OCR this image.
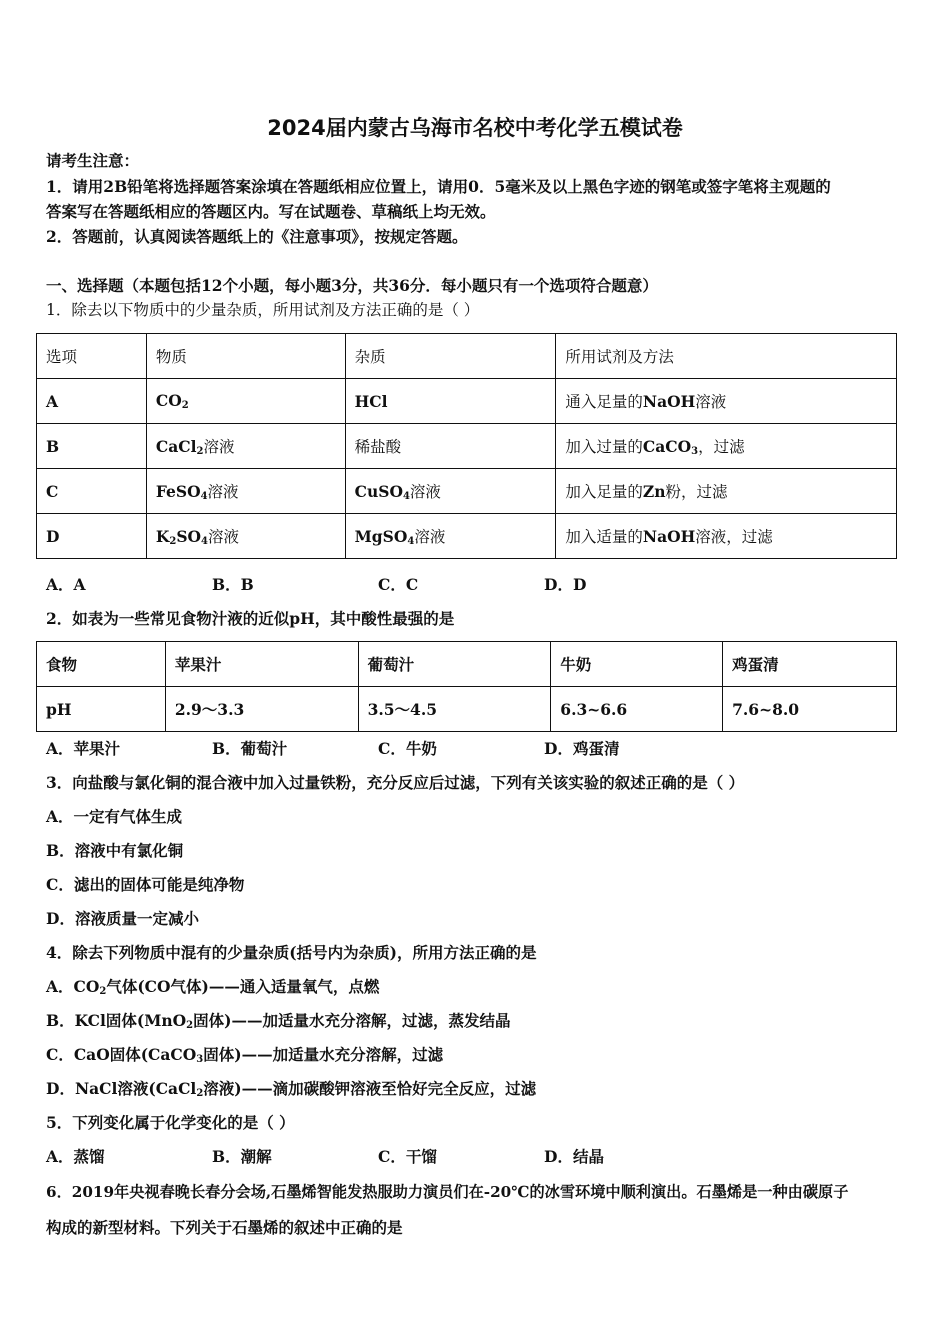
2024届内蒙古乌海市名校中考化学五模试卷
请考生注意：
1．请用2B铅笔将选择题答案涂填在答题纸相应位置上，请用0．5毫米及以上黑色字迹的钢笔或签字笔将主观题的
答案写在答题纸相应的答题区内。写在试题卷、草稿纸上均无效。
2．答题前，认真阅读答题纸上的《注意事项》，按规定答题。
一、选择题（本题包括12个小题，每小题3分，共36分．每小题只有一个选项符合题意）
1．除去以下物质中的少量杂质，所用试剂及方法正确的是（ ）
选项	物质	杂质	所用试剂及方法
A	$CO_2$	HCl	通入足量的NaOH溶液
B	CaCl$_2$溶液	稀盐酸	加入过量的CaCO$_3$，过滤
C	FeSO$_4$溶液	CuSO$_4$溶液	加入足量的Zn粉，过滤
D	$K_2SO_4$溶液	MgSO$_4$溶液	加入适量的NaOH溶液，过滤
A．A	B．B	C．C	D．D
2．如表为一些常见食物汁液的近似pH，其中酸性最强的是
食物	苹果汁	葡萄汁	牛奶	鸡蛋清
pH	2.9～3.3	3.5～4.5	6.3~6.6	7.6~8.0
A．苹果汁	B．葡萄汁	C．牛奶	D．鸡蛋清
3．向盐酸与氯化铜的混合液中加入过量铁粉，充分反应后过滤，下列有关该实验的叙述正确的是（ ）
A．一定有气体生成
B．溶液中有氯化铜
C．滤出的固体可能是纯净物
D．溶液质量一定减小
4．除去下列物质中混有的少量杂质(括号内为杂质)，所用方法正确的是
A．$CO_2$气体(CO气体)——通入适量氧气，点燃
B．KCl固体(MnO$_2$固体)——加适量水充分溶解，过滤，蒸发结晶
C．CaO固体(CaCO$_3$固体)——加适量水充分溶解，过滤
D．NaCl溶液(CaCl$_2$溶液)——滴加碳酸钾溶液至恰好完全反应，过滤
5．下列变化属于化学变化的是（ ）
A．蒸馏	B．潮解	C．干馏	D．结晶
6．2019年央视春晚长春分会场,石墨烯智能发热服助力演员们在-20℃的冰雪环境中顺利演出。石墨烯是一种由碳原子
构成的新型材料。下列关于石墨烯的叙述中正确的是
